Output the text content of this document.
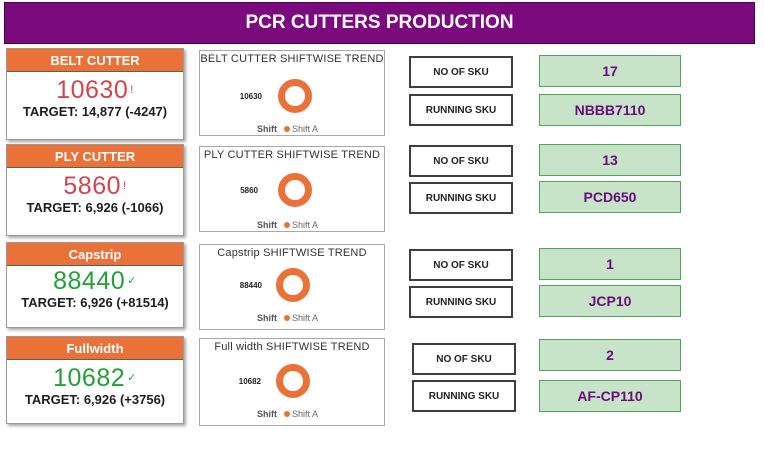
PCR CUTTERS PRODUCTION
BELT CUTTER
10630 !
TARGET: 14,877 (-4247)
BELT CUTTER SHIFTWISE TREND
10630
Shift Shift A
NO OF SKU	17
RUNNING SKU	NBBB7110
PLY CUTTER
5860 !
TARGET: 6,926 (-1066)
PLY CUTTER SHIFTWISE TREND
5860
Shift Shift A
NO OF SKU	13
RUNNING SKU	PCD650
Capstrip
88440 ✓
TARGET: 6,926 (+81514)
Capstrip SHIFTWISE TREND
88440
Shift Shift A
NO OF SKU	1
RUNNING SKU	JCP10
Fullwidth
10682 ✓
TARGET: 6,926 (+3756)
Full width SHIFTWISE TREND
10682
Shift Shift A
NO OF SKU	2
RUNNING SKU	AF-CP110
